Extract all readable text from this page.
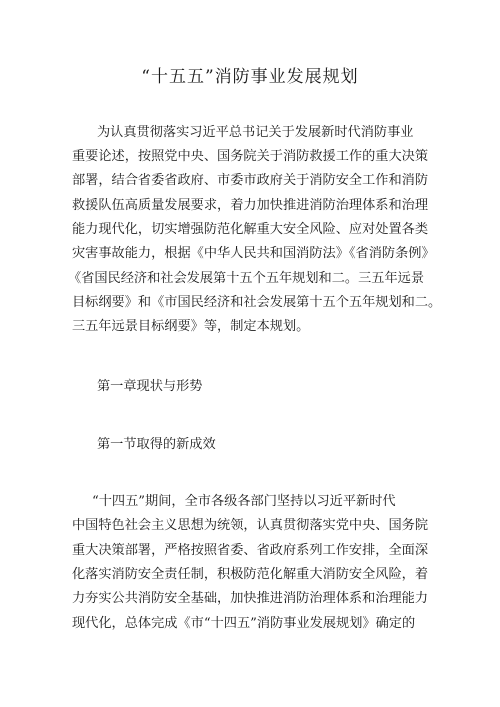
“十五五”消防事业发展规划
为认真贯彻落实习近平总书记关于发展新时代消防事业
重要论述，按照党中央、国务院关于消防救援工作的重大决策
部署，结合省委省政府、市委市政府关于消防安全工作和消防
救援队伍高质量发展要求，着力加快推进消防治理体系和治理
能力现代化，切实增强防范化解重大安全风险、应对处置各类
灾害事故能力，根据《中华人民共和国消防法》《省消防条例》
《省国民经济和社会发展第十五个五年规划和二。三五年远景
目标纲要》和《市国民经济和社会发展第十五个五年规划和二。
三五年远景目标纲要》等，制定本规划。
第一章现状与形势
第一节取得的新成效
“十四五”期间，全市各级各部门坚持以习近平新时代
中国特色社会主义思想为统领，认真贯彻落实党中央、国务院
重大决策部署，严格按照省委、省政府系列工作安排，全面深
化落实消防安全责任制，积极防范化解重大消防安全风险，着
力夯实公共消防安全基础，加快推进消防治理体系和治理能力
现代化，总体完成《市“十四五”消防事业发展规划》确定的
